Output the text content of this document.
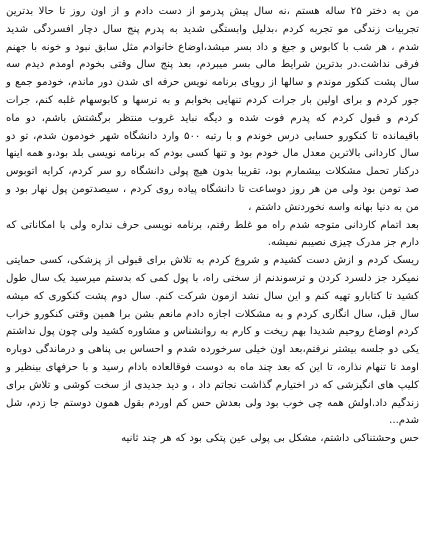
من یه دختر ۲۵ ساله هستم ،نه سال پیش پدرمو از دست دادم و از اون روز تا حالا بدترین تجربیات زندگی مو تجربه کردم ،بدلیل وابستگی شدید به پدرم پنج سال دچار افسردگی شدید شدم ، هر شب با کابوس و جیغ و داد بسر میشد،اوضاع خانوادم مثل سابق نبود و خونه با جهنم فرقی نداشت.در بدترین شرایط مالی بسر میبردم، بعد پنج سال وقتی بخودم اومدم دیدم سه سال پشت کنکور موندم و سالها از رویای برنامه نویس حرفه ای شدن دور ماندم، خودمو جمع و جور کردم و برای اولین بار جرات کردم تنهایی بخوابم و به ترسها و کابوسهام غلبه کنم، جرات کردم و قبول کردم که پدرم فوت شده و دیگه نباید غروب منتظر برگشتش باشم، دو ماه باقیمانده تا کنکورو حسابی درس خوندم و با رتبه ۵۰۰ وارد دانشگاه شهر خودمون شدم، تو دو سال کاردانی بالاترین معدل مال خودم بود و تنها کسی بودم که برنامه نویسی بلد بود،و همه اینها درکنار تحمل مشکلات بیشمارم بود، تقریبا بدون هیچ پولی دانشگاه رو سر کردم، کرایه اتوبوس صد تومن بود ولی من هر روز دوساعت تا دانشگاه پیاده روی کردم ، سیصدتومن پول نهار بود و من به دنیا بهانه واسه نخوردنش داشتم ،

بعد اتمام کاردانی متوجه شدم راه مو غلط رفتم، برنامه نویسی حرف نداره ولی با امکاناتی که دارم جز مدرک چیزی نصیبم نمیشه.

ریسک کردم و ازش دست کشیدم و شروع کردم به تلاش برای قبولی از پزشکی، کسی حمایتی نمیکرد جز دلسرد کردن و ترسوندنم از سختی راه، با پول کمی که بدستم میرسید یک سال طول کشید تا کتابارو تهیه کنم و این سال نشد ازمون شرکت کنم. سال دوم پشت کنکوری که میشه سال قبل، سال انگاری کردم و به مشکلات اجازه دادم مانعم بشن برا همین وقتی کنکورو خراب کردم اوضاع روحیم شدیدا بهم ریخت و کارم به روانشناس و مشاوره کشید ولی چون پول نداشتم یکی دو جلسه بیشتر نرفتم،بعد اون خیلی سرخورده شدم و احساس بی پناهی و درماندگی دوباره اومد تا تنهام نذاره، تا این که بعد چند ماه به دوست فوقالعاده بادام رسید و با حرفهای بینظیر و کلیپ های انگیزشی که در اختیارم گذاشت نجاتم داد ، و دید جدیدی از سخت کوشی و تلاش برای زندگیم داد.اولش همه چی خوب بود ولی بعدش حس کم اوردم بقول همون دوستم جا زدم، شل شدم...

حس وحشتناکی داشتم، مشکل بی پولی عین پتکی بود که هر چند ثانیه
